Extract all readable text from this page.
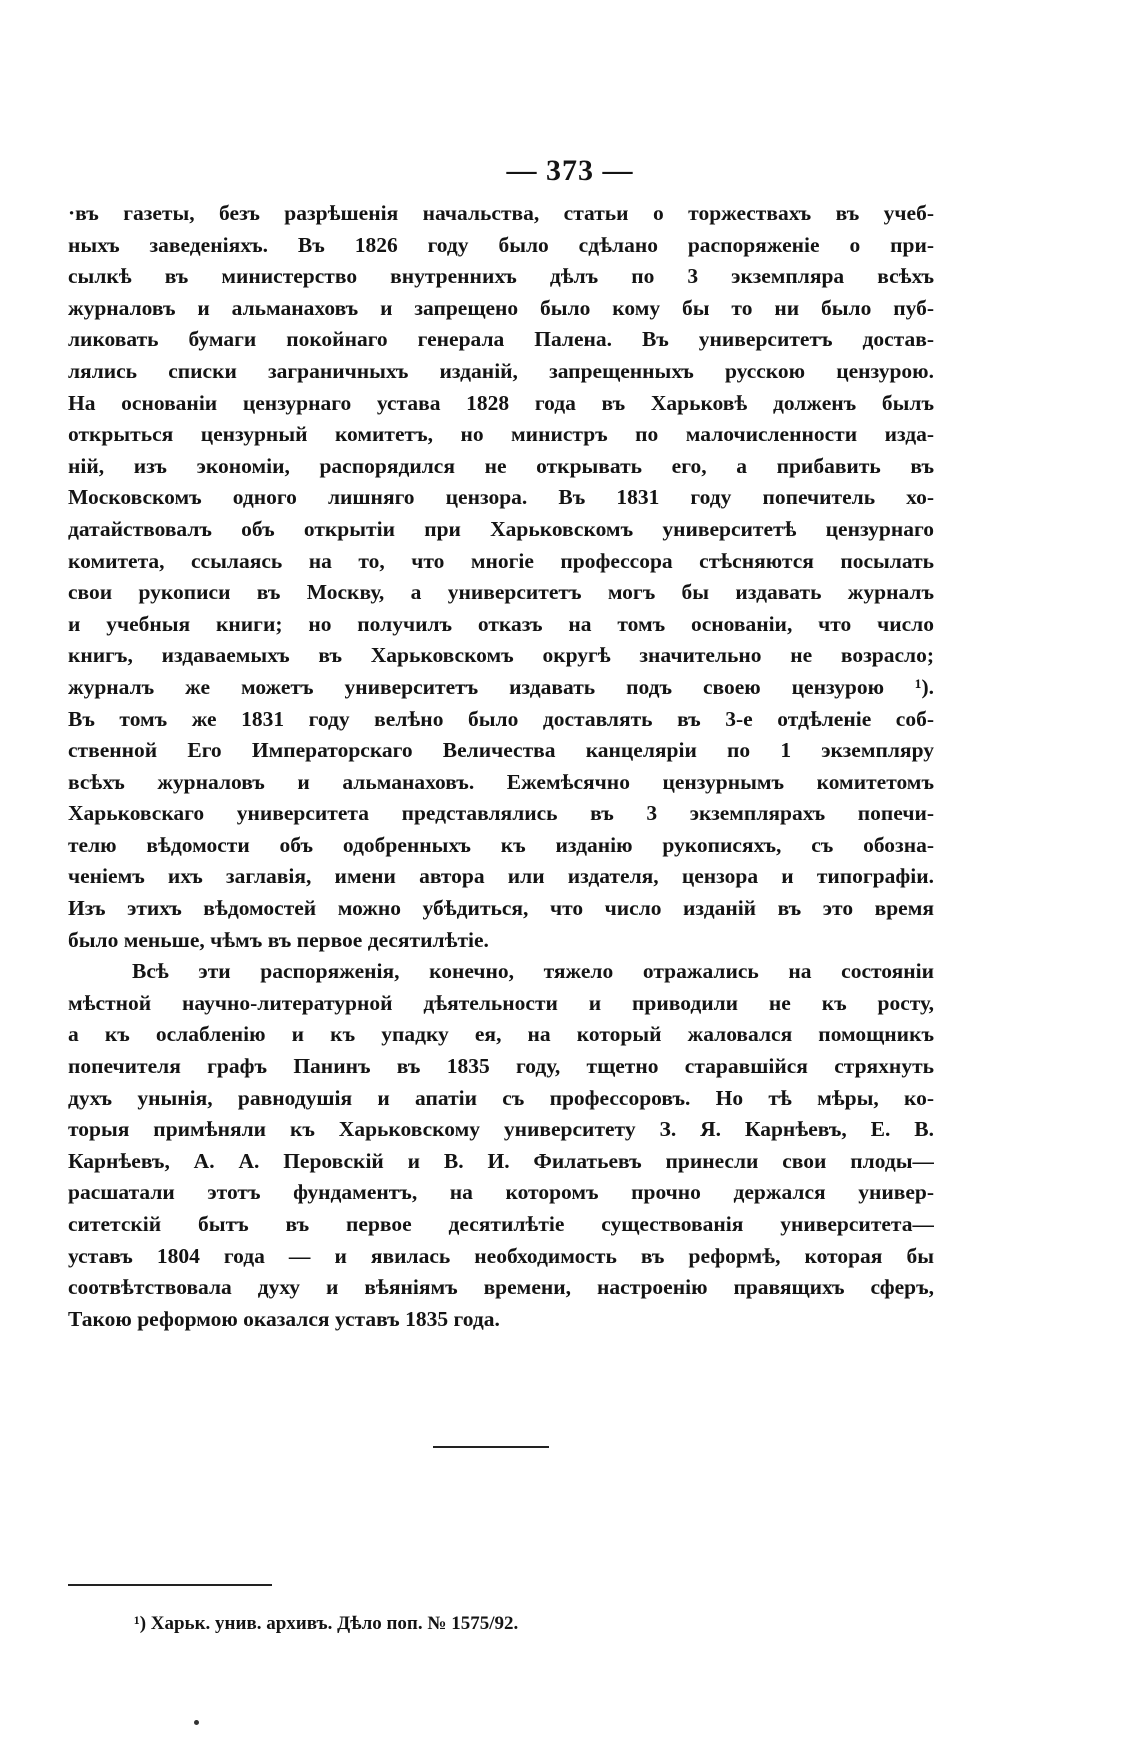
— 373 —
·въ газеты, безъ разрѣшенія начальства, статьи о торжествахъ въ учеб-
ныхъ заведеніяхъ. Въ 1826 году было сдѣлано распоряженіе о при-
сылкѣ въ министерство внутреннихъ дѣлъ по 3 экземпляра всѣхъ
журналовъ и альманаховъ и запрещено было кому бы то ни было пуб-
ликовать бумаги покойнаго генерала Палена. Въ университетъ достав-
лялись списки заграничныхъ изданій, запрещенныхъ русскою цензурою.
На основаніи цензурнаго устава 1828 года въ Харьковѣ долженъ былъ
открыться цензурный комитетъ, но министръ по малочисленности изда-
ній, изъ экономіи, распорядился не открывать его, а прибавить въ
Московскомъ одного лишняго цензора. Въ 1831 году попечитель хо-
датайствовалъ объ открытіи при Харьковскомъ университетѣ цензурнаго
комитета, ссылаясь на то, что многіе профессора стѣсняются посылать
свои рукописи въ Москву, а университетъ могъ бы издавать журналъ
и учебныя книги; но получилъ отказъ на томъ основаніи, что число
книгъ, издаваемыхъ въ Харьковскомъ округѣ значительно не возрасло;
журналъ же можетъ университетъ издавать подъ своею цензурою ¹).
Въ томъ же 1831 году велѣно было доставлять въ 3-е отдѣленіе соб-
ственной Его Императорскаго Величества канцеляріи по 1 экземпляру
всѣхъ журналовъ и альманаховъ. Ежемѣсячно цензурнымъ комитетомъ
Харьковскаго университета представлялись въ 3 экземплярахъ попечи-
телю вѣдомости объ одобренныхъ къ изданію рукописяхъ, съ обозна-
ченіемъ ихъ заглавія, имени автора или издателя, цензора и типографіи.
Изъ этихъ вѣдомостей можно убѣдиться, что число изданій въ это время
было меньше, чѣмъ въ первое десятилѣтіе.
Всѣ эти распоряженія, конечно, тяжело отражались на состояніи
мѣстной научно-литературной дѣятельности и приводили не къ росту,
а къ ослабленію и къ упадку ея, на который жаловался помощникъ
попечителя графъ Панинъ въ 1835 году, тщетно старавшійся стряхнуть
духъ унынія, равнодушія и апатіи съ профессоровъ. Но тѣ мѣры, ко-
торыя примѣняли къ Харьковскому университету З. Я. Карнѣевъ, Е. В.
Карнѣевъ, А. А. Перовскій и В. И. Филатьевъ принесли свои плоды—
расшатали этотъ фундаментъ, на которомъ прочно держался универ-
ситетскій бытъ въ первое десятилѣтіе существованія университета—
уставъ 1804 года — и явилась необходимость въ реформѣ, которая бы
соотвѣтствовала духу и вѣяніямъ времени, настроенію правящихъ сферъ,
Такою реформою оказался уставъ 1835 года.
¹) Харьк. унив. архивъ. Дѣло поп. № 1575/92.
